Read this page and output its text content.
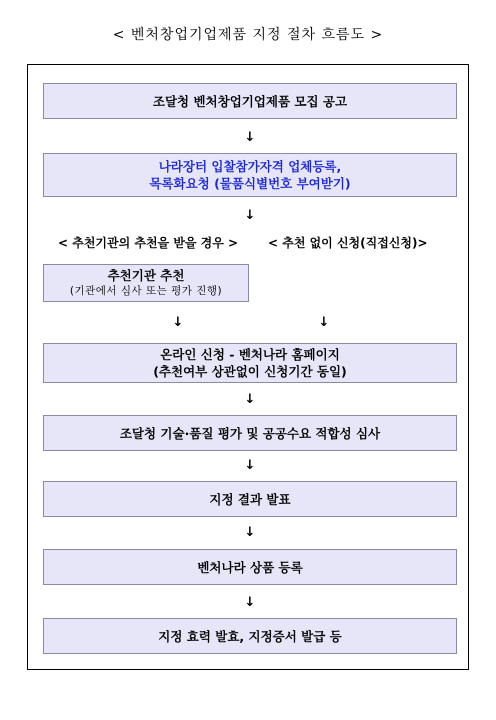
< 벤처창업기업제품 지정 절차 흐름도 >
조달청 벤처창업기업제품 모집 공고
↓
나라장터 입찰참가자격 업체등록,
목록화요청 (물품식별번호 부여받기)
↓
< 추천기관의 추천을 받을 경우 > < 추천 없이 신청(직접신청)>
추천기관 추천
(기관에서 심사 또는 평가 진행)
↓	↓
온라인 신청 - 벤처나라 홈페이지
(추천여부 상관없이 신청기간 동일)
↓
조달청 기술·품질 평가 및 공공수요 적합성 심사
↓
지정 결과 발표
↓
벤처나라 상품 등록
↓
지정 효력 발효, 지정증서 발급 등
